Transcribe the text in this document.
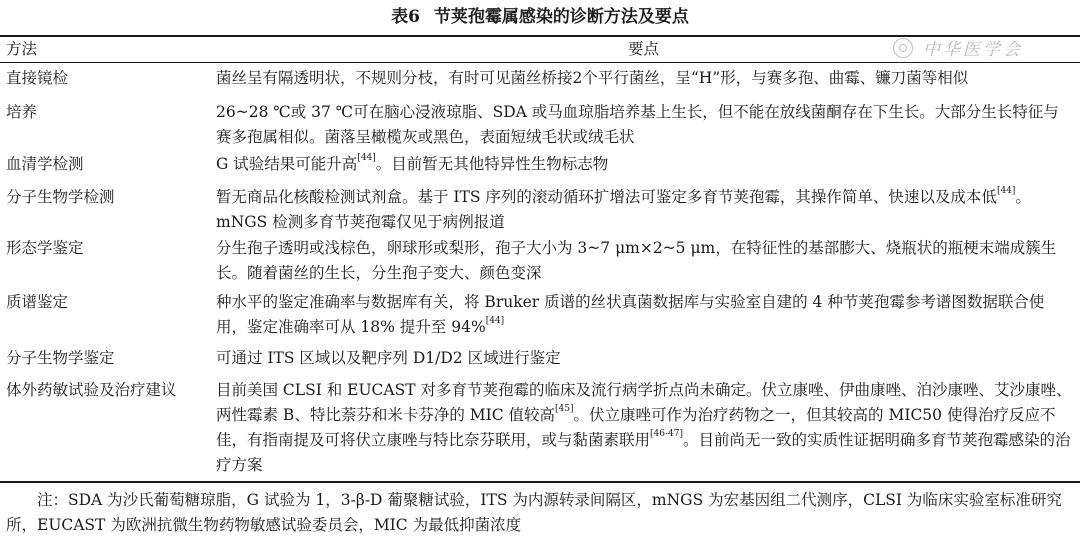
表6 节荚孢霉属感染的诊断方法及要点
方法	要点	中华医学会
直接镜检	菌丝呈有隔透明状，不规则分枝，有时可见菌丝桥接2个平行菌丝，呈“H”形，与赛多孢、曲霉、镰刀菌等相似
培养	26~28 ℃或 37 ℃可在脑心浸液琼脂、SDA 或马血琼脂培养基上生长，但不能在放线菌酮存在下生长。大部分生长特征与赛多孢属相似。菌落呈橄榄灰或黑色，表面短绒毛状或绒毛状
血清学检测	G 试验结果可能升高[44]。目前暂无其他特异性生物标志物
分子生物学检测	暂无商品化核酸检测试剂盒。基于 ITS 序列的滚动循环扩增法可鉴定多育节荚孢霉，其操作简单、快速以及成本低[44]。mNGS 检测多育节荚孢霉仅见于病例报道
形态学鉴定	分生孢子透明或浅棕色，卵球形或梨形，孢子大小为 3~7 μm×2~5 μm，在特征性的基部膨大、烧瓶状的瓶梗末端成簇生长。随着菌丝的生长，分生孢子变大、颜色变深
质谱鉴定	种水平的鉴定准确率与数据库有关，将 Bruker 质谱的丝状真菌数据库与实验室自建的 4 种节荚孢霉参考谱图数据联合使用，鉴定准确率可从 18% 提升至 94%[44]
分子生物学鉴定	可通过 ITS 区域以及靶序列 D1/D2 区域进行鉴定
体外药敏试验及治疗建议	目前美国 CLSI 和 EUCAST 对多育节荚孢霉的临床及流行病学折点尚未确定。伏立康唑、伊曲康唑、泊沙康唑、艾沙康唑、两性霉素 B、特比萘芬和米卡芬净的 MIC 值较高[45]。伏立康唑可作为治疗药物之一，但其较高的 MIC50 使得治疗反应不佳，有指南提及可将伏立康唑与特比奈芬联用，或与黏菌素联用[46-47]。目前尚无一致的实质性证据明确多育节荚孢霉感染的治疗方案
注：SDA 为沙氏葡萄糖琼脂，G 试验为 1，3-β-D 葡聚糖试验，ITS 为内源转录间隔区，mNGS 为宏基因组二代测序，CLSI 为临床实验室标准研究所，EUCAST 为欧洲抗微生物药物敏感试验委员会，MIC 为最低抑菌浓度
